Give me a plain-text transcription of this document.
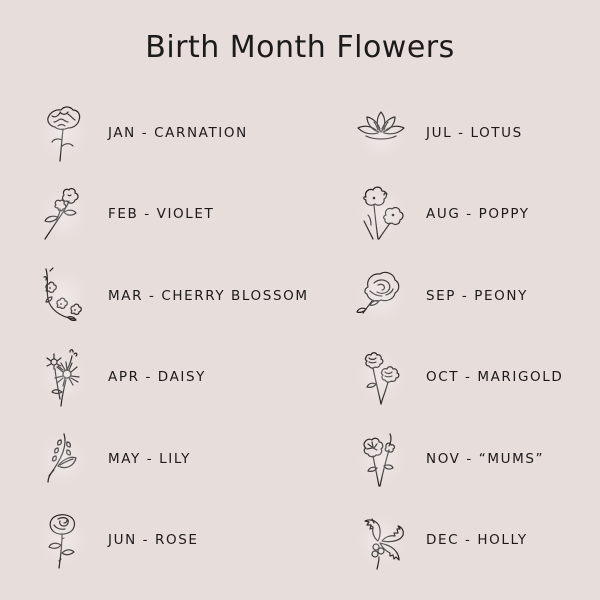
Birth Month Flowers
JAN - CARNATION
FEB - VIOLET
MAR - CHERRY BLOSSOM
APR - DAISY
MAY - LILY
JUN - ROSE
JUL - LOTUS
AUG - POPPY
SEP - PEONY
OCT - MARIGOLD
NOV - “MUMS”
DEC - HOLLY
